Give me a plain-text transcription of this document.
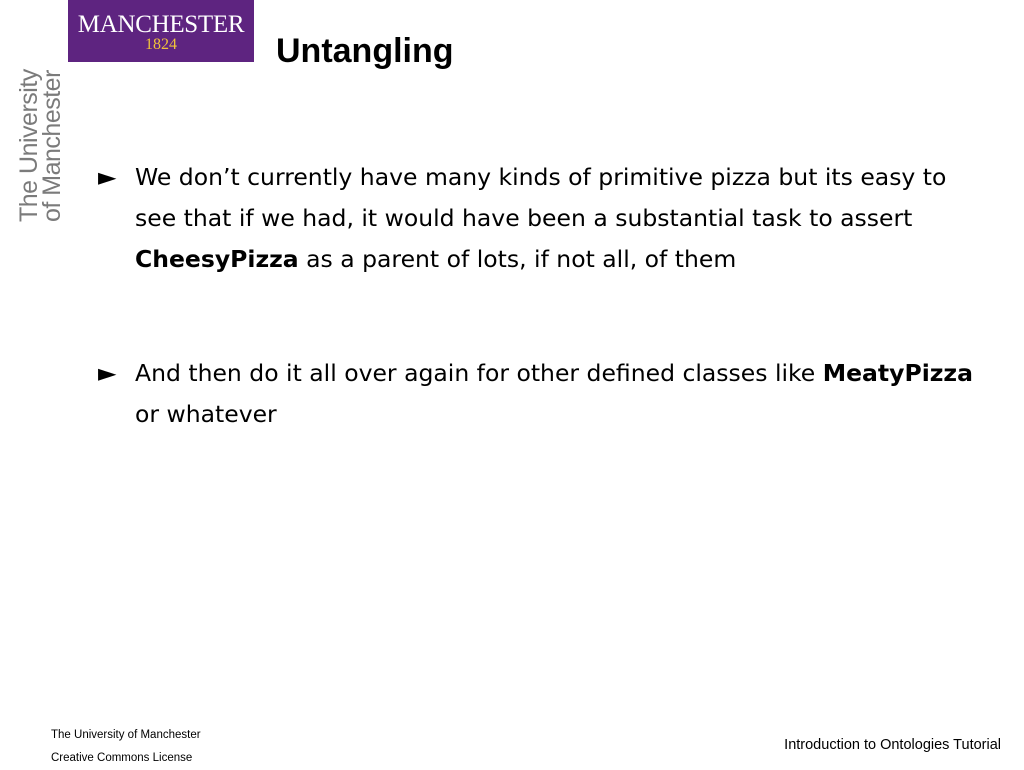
MANCHESTER
1824
The University
of Manchester
Untangling
► We don’t currently have many kinds of primitive pizza but its easy to see that if we had, it would have been a substantial task to assert CheesyPizza as a parent of lots, if not all, of them
► And then do it all over again for other defined classes like MeatyPizza or whatever
The University of Manchester
Creative Commons License
Introduction to Ontologies Tutorial
